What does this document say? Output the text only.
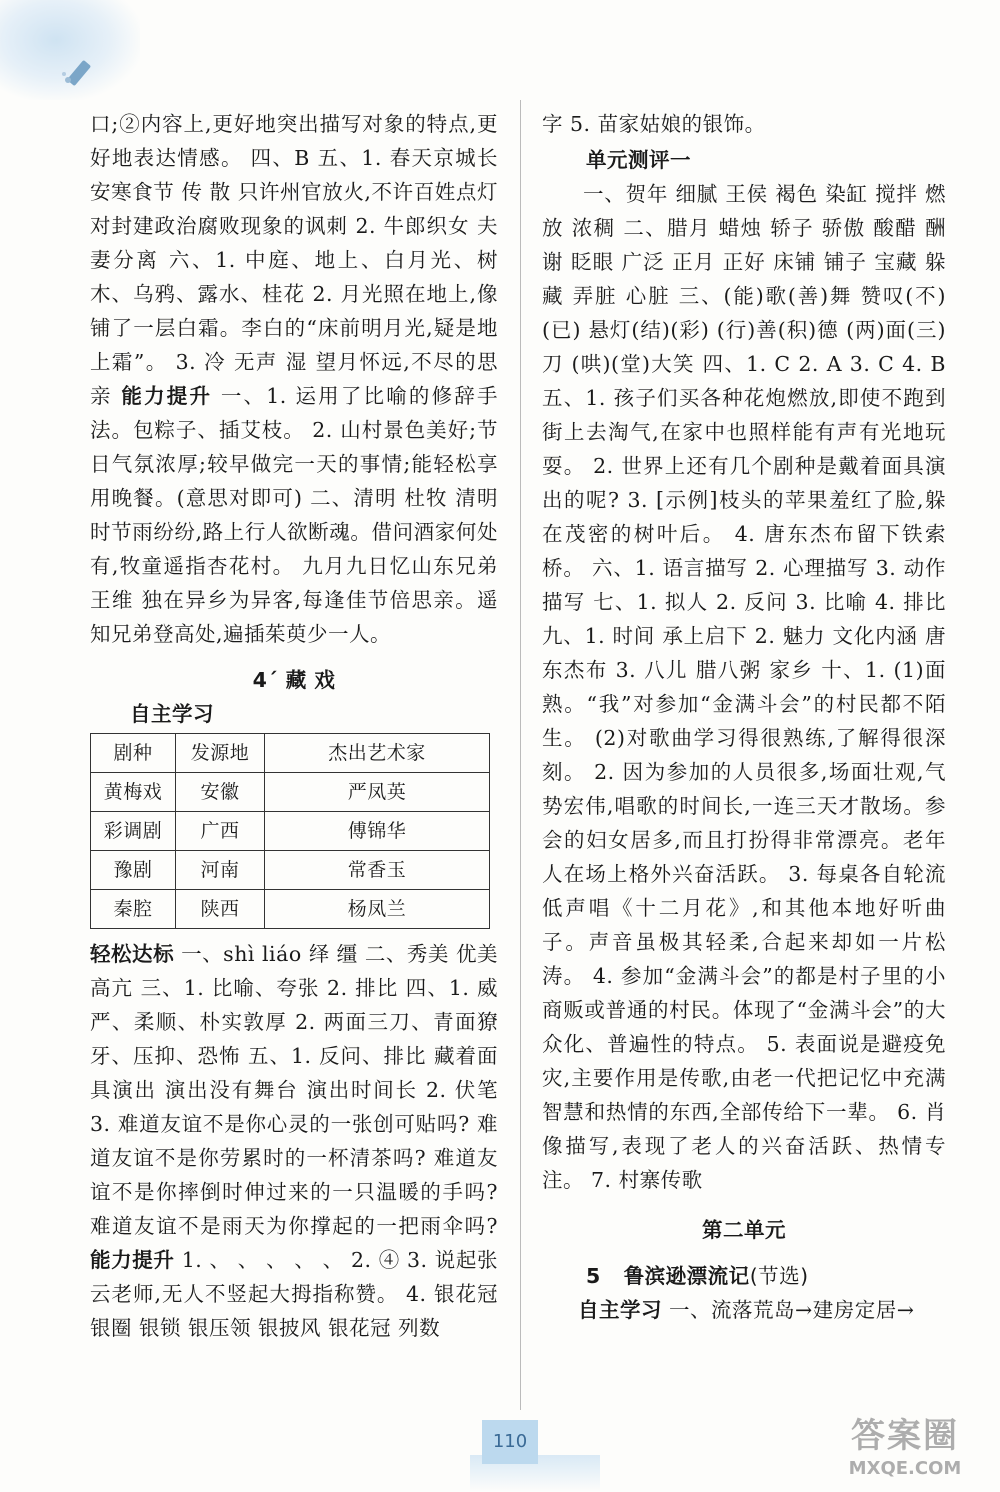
口;②内容上,更好地突出描写对象的特点,更好地表达情感。 四、B 五、1. 春天京城长安寒食节 传 散 只许州官放火,不许百姓点灯 对封建政治腐败现象的讽刺 2. 牛郎织女 夫妻分离 六、1. 中庭、地上、白月光、树木、乌鸦、露水、桂花 2. 月光照在地上,像铺了一层白霜。李白的“床前明月光,疑是地上霜”。 3. 冷 无声 湿 望月怀远,不尽的思亲 能力提升 一、1. 运用了比喻的修辞手法。包粽子、插艾枝。 2. 山村景色美好;节日气氛浓厚;较早做完一天的事情;能轻松享用晚餐。(意思对即可) 二、清明 杜牧 清明时节雨纷纷,路上行人欲断魂。借问酒家何处有,牧童遥指杏花村。 九月九日忆山东兄弟 王维 独在异乡为异客,每逢佳节倍思亲。遥知兄弟登高处,遍插茱萸少一人。

4ˊ 藏 戏

自主学习

剧种	发源地	杰出艺术家
黄梅戏	安徽	严凤英
彩调剧	广西	傅锦华
豫剧	河南	常香玉
秦腔	陕西	杨凤兰

轻松达标 一、shì liáo 绎 缰 二、秀美 优美 高亢 三、1. 比喻、夸张 2. 排比 四、1. 威严、柔顺、朴实敦厚 2. 两面三刀、青面獠牙、压抑、恐怖 五、1. 反问、排比 藏着面具演出 演出没有舞台 演出时间长 2. 伏笔 3. 难道友谊不是你心灵的一张创可贴吗? 难道友谊不是你劳累时的一杯清茶吗? 难道友谊不是你摔倒时伸过来的一只温暖的手吗? 难道友谊不是雨天为你撑起的一把雨伞吗? 能力提升 1. 、 、 、 、 、 2. ④ 3. 说起张云老师,无人不竖起大拇指称赞。 4. 银花冠 银圈 银锁 银压领 银披风 银花冠 列数

字 5. 苗家姑娘的银饰。

单元测评一

一、贺年 细腻 王侯 褐色 染缸 搅拌 燃放 浓稠 二、腊月 蜡烛 轿子 骄傲 酸醋 酬谢 眨眼 广泛 正月 正好 床铺 铺子 宝藏 躲藏 弄脏 心脏 三、(能)歌(善)舞 赞叹(不)(已) 悬灯(结)(彩) (行)善(积)德 (两)面(三)刀 (哄)(堂)大笑 四、1. C 2. A 3. C 4. B 五、1. 孩子们买各种花炮燃放,即使不跑到街上去淘气,在家中也照样能有声有光地玩耍。 2. 世界上还有几个剧种是戴着面具演出的呢? 3. [示例]枝头的苹果羞红了脸,躲在茂密的树叶后。 4. 唐东杰布留下铁索桥。 六、1. 语言描写 2. 心理描写 3. 动作描写 七、1. 拟人 2. 反问 3. 比喻 4. 排比 九、1. 时间 承上启下 2. 魅力 文化内涵 唐东杰布 3. 八儿 腊八粥 家乡 十、1. (1)面熟。“我”对参加“金满斗会”的村民都不陌生。 (2)对歌曲学习得很熟练,了解得很深刻。 2. 因为参加的人员很多,场面壮观,气势宏伟,唱歌的时间长,一连三天才散场。参会的妇女居多,而且打扮得非常漂亮。老年人在场上格外兴奋活跃。 3. 每桌各自轮流低声唱《十二月花》,和其他本地好听曲子。声音虽极其轻柔,合起来却如一片松涛。 4. 参加“金满斗会”的都是村子里的小商贩或普通的村民。体现了“金满斗会”的大众化、普遍性的特点。 5. 表面说是避疫免灾,主要作用是传歌,由老一代把记忆中充满智慧和热情的东西,全部传给下一辈。 6. 肖像描写,表现了老人的兴奋活跃、热情专注。 7. 村寨传歌

第二单元

5 鲁滨逊漂流记(节选)

自主学习 一、流落荒岛→建房定居→

110	答案圈
MXQE.COM
